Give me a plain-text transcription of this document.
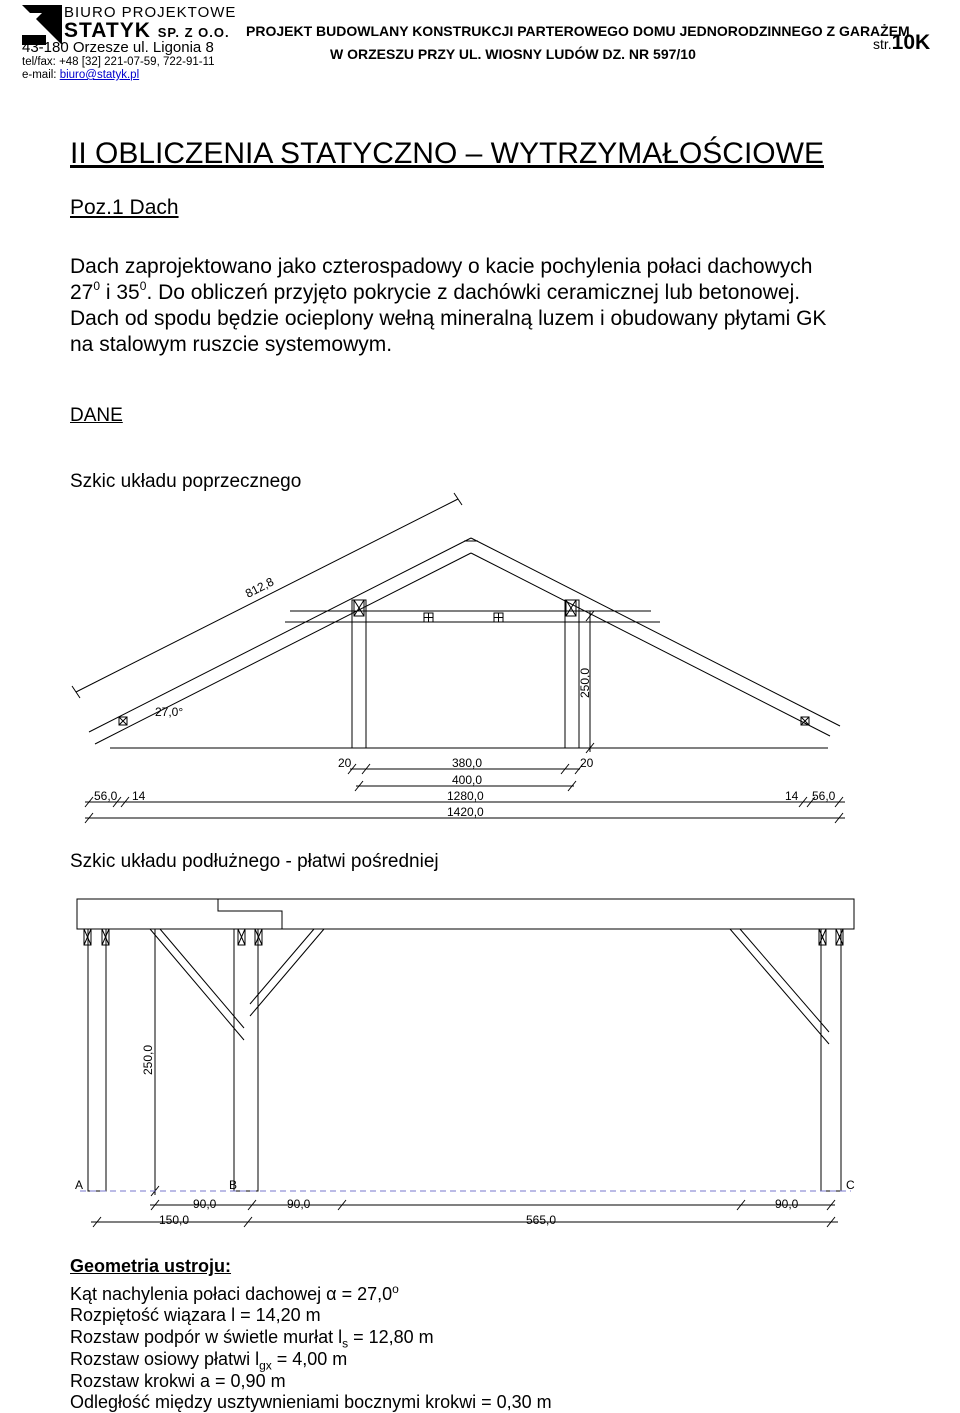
BIURO PROJEKTOWE
STATYK SP. Z O.O.
43-180 Orzesze ul. Ligonia 8
tel/fax: +48 [32] 221-07-59, 722-91-11
e-mail: biuro@statyk.pl
PROJEKT BUDOWLANY KONSTRUKCJI PARTEROWEGO DOMU JEDNORODZINNEGO Z GARAŻEM
W ORZESZU PRZY UL. WIOSNY LUDÓW DZ. NR 597/10
str.10K
II OBLICZENIA STATYCZNO – WYTRZYMAŁOŚCIOWE
Poz.1 Dach
Dach zaprojektowano jako czterospadowy o kacie pochylenia połaci dachowych
$27^0$ i $35^0$. Do obliczeń przyjęto pokrycie z dachówki ceramicznej lub betonowej.
Dach od spodu będzie ocieplony wełną mineralną luzem i obudowany płytami GK
na stalowym ruszcie systemowym.
DANE
Szkic układu poprzecznego
Szkic układu podłużnego - płatwi pośredniej
812,8
27,0°
250,0
20	380,0	20
400,0
56,0 14	1280,0	14 56,0
1420,0
250,0
A	B	C
90,0	90,0	90,0
150,0	565,0
Geometria ustroju:
Kąt nachylenia połaci dachowej $\alpha = 27,0^o$
Rozpiętość wiązara l = 14,20 m
Rozstaw podpór w świetle murłat $l_s = 12,80$ m
Rozstaw osiowy płatwi $l_{gx} = 4,00$ m
Rozstaw krokwi a = 0,90 m
Odległość między usztywnieniami bocznymi krokwi = 0,30 m
